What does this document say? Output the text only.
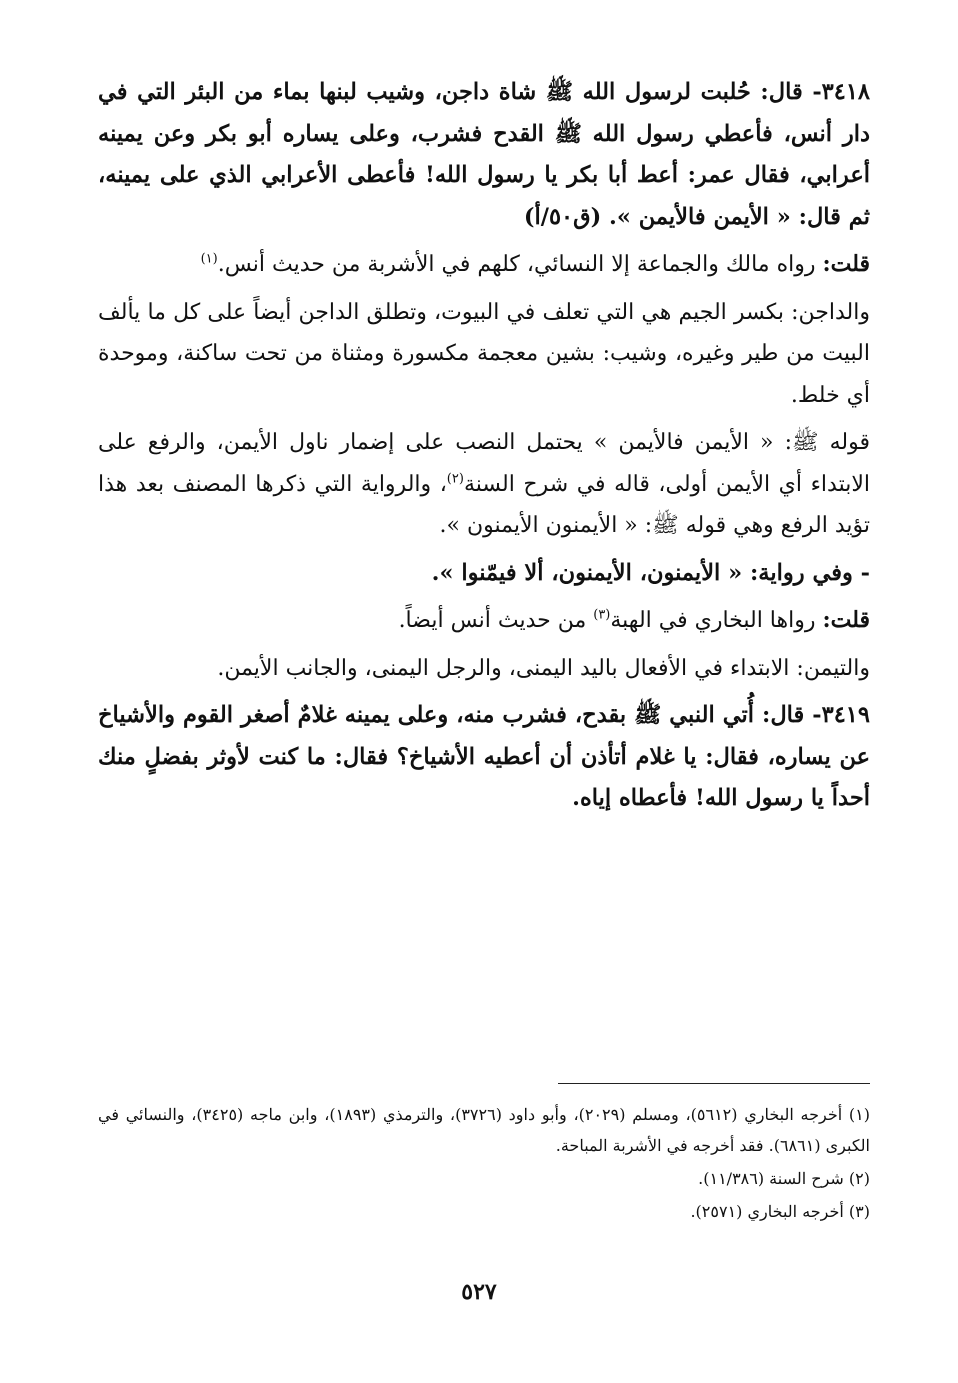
٣٤١٨- قال: حُلبت لرسول الله ﷺ شاة داجن، وشيب لبنها بماء من البئر التي في دار أنس، فأعطي رسول الله ﷺ القدح فشرب، وعلى يساره أبو بكر وعن يمينه أعرابي، فقال عمر: أعط أبا بكر يا رسول الله! فأعطى الأعرابي الذي على يمينه، ثم قال: « الأيمن فالأيمن ». (ق٥٠/أ)

قلت: رواه مالك والجماعة إلا النسائي، كلهم في الأشربة من حديث أنس.$^{(١)}$

والداجن: بكسر الجيم هي التي تعلف في البيوت، وتطلق الداجن أيضاً على كل ما يألف البيت من طير وغيره، وشيب: بشين معجمة مكسورة ومثناة من تحت ساكنة، وموحدة أي خلط.

قوله ﷺ: « الأيمن فالأيمن » يحتمل النصب على إضمار ناول الأيمن، والرفع على الابتداء أي الأيمن أولى، قاله في شرح السنة$^{(٢)}$، والرواية التي ذكرها المصنف بعد هذا تؤيد الرفع وهي قوله ﷺ: « الأيمنون الأيمنون ».

- وفي رواية: « الأيمنون، الأيمنون، ألا فيمّنوا ».

قلت: رواها البخاري في الهبة$^{(٣)}$ من حديث أنس أيضاً.

والتيمن: الابتداء في الأفعال باليد اليمنى، والرجل اليمنى، والجانب الأيمن.

٣٤١٩- قال: أُتي النبي ﷺ بقدح، فشرب منه، وعلى يمينه غلامٌ أصغر القوم والأشياخ عن يساره، فقال: يا غلام أتأذن أن أعطيه الأشياخ؟ فقال: ما كنت لأوثر بفضلٍ منك أحداً يا رسول الله! فأعطاه إياه.

(١) أخرجه البخاري (٥٦١٢)، ومسلم (٢٠٢٩)، وأبو داود (٣٧٢٦)، والترمذي (١٨٩٣)، وابن ماجه (٣٤٢٥)، والنسائي في الكبرى (٦٨٦١). فقد أخرجه في الأشربة المباحة.

(٢) شرح السنة (١١/٣٨٦).

(٣) أخرجه البخاري (٢٥٧١).

٥٢٧
